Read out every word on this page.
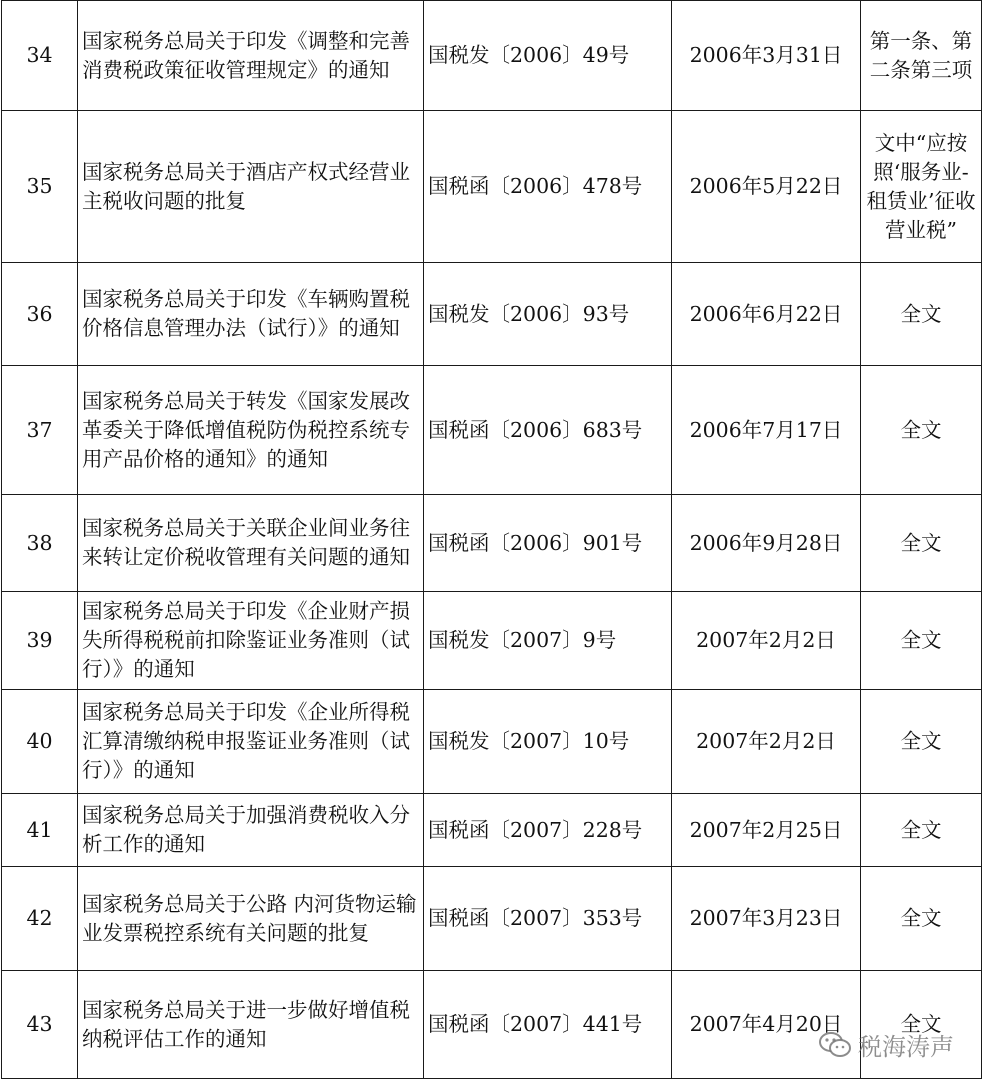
34	国家税务总局关于印发《调整和完善消费税政策征收管理规定》的通知	国税发〔2006〕49号	2006年3月31日	第一条、第二条第三项
35	国家税务总局关于酒店产权式经营业主税收问题的批复	国税函〔2006〕478号	2006年5月22日	文中“应按照‘服务业-租赁业’征收营业税”
36	国家税务总局关于印发《车辆购置税价格信息管理办法（试行）》的通知	国税发〔2006〕93号	2006年6月22日	全文
37	国家税务总局关于转发《国家发展改革委关于降低增值税防伪税控系统专用产品价格的通知》的通知	国税函〔2006〕683号	2006年7月17日	全文
38	国家税务总局关于关联企业间业务往来转让定价税收管理有关问题的通知	国税函〔2006〕901号	2006年9月28日	全文
39	国家税务总局关于印发《企业财产损失所得税税前扣除鉴证业务准则（试行）》的通知	国税发〔2007〕9号	2007年2月2日	全文
40	国家税务总局关于印发《企业所得税汇算清缴纳税申报鉴证业务准则（试行）》的通知	国税发〔2007〕10号	2007年2月2日	全文
41	国家税务总局关于加强消费税收入分析工作的通知	国税函〔2007〕228号	2007年2月25日	全文
42	国家税务总局关于公路 内河货物运输业发票税控系统有关问题的批复	国税函〔2007〕353号	2007年3月23日	全文
43	国家税务总局关于进一步做好增值税纳税评估工作的通知	国税函〔2007〕441号	2007年4月20日	全文
税海涛声
